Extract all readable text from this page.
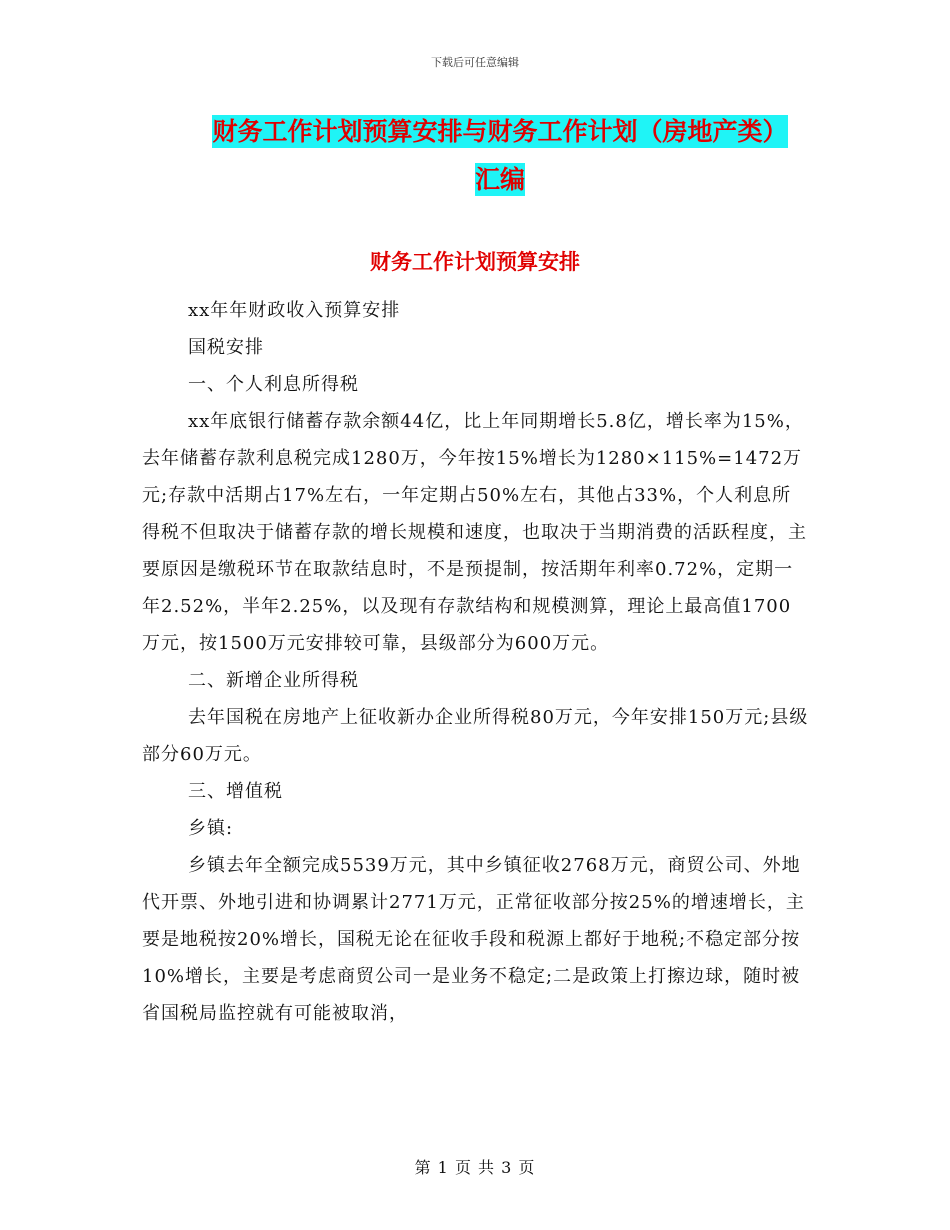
下载后可任意编辑
财务工作计划预算安排与财务工作计划（房地产类）
汇编
财务工作计划预算安排

xx年年财政收入预算安排

国税安排

一、个人利息所得税

xx年底银行储蓄存款余额44亿，比上年同期增长5.8亿，增长率为15%，去年储蓄存款利息税完成1280万，今年按15%增长为1280×115%=1472万元;存款中活期占17%左右，一年定期占50%左右，其他占33%，个人利息所得税不但取决于储蓄存款的增长规模和速度，也取决于当期消费的活跃程度，主要原因是缴税环节在取款结息时，不是预提制，按活期年利率0.72%，定期一年2.52%，半年2.25%，以及现有存款结构和规模测算，理论上最高值1700万元，按1500万元安排较可靠，县级部分为600万元。

二、新增企业所得税

去年国税在房地产上征收新办企业所得税80万元，今年安排150万元;县级部分60万元。

三、增值税

乡镇:

乡镇去年全额完成5539万元，其中乡镇征收2768万元，商贸公司、外地代开票、外地引进和协调累计2771万元，正常征收部分按25%的增速增长，主要是地税按20%增长，国税无论在征收手段和税源上都好于地税;不稳定部分按10%增长，主要是考虑商贸公司一是业务不稳定;二是政策上打擦边球，随时被省国税局监控就有可能被取消，

第 1 页 共 3 页
